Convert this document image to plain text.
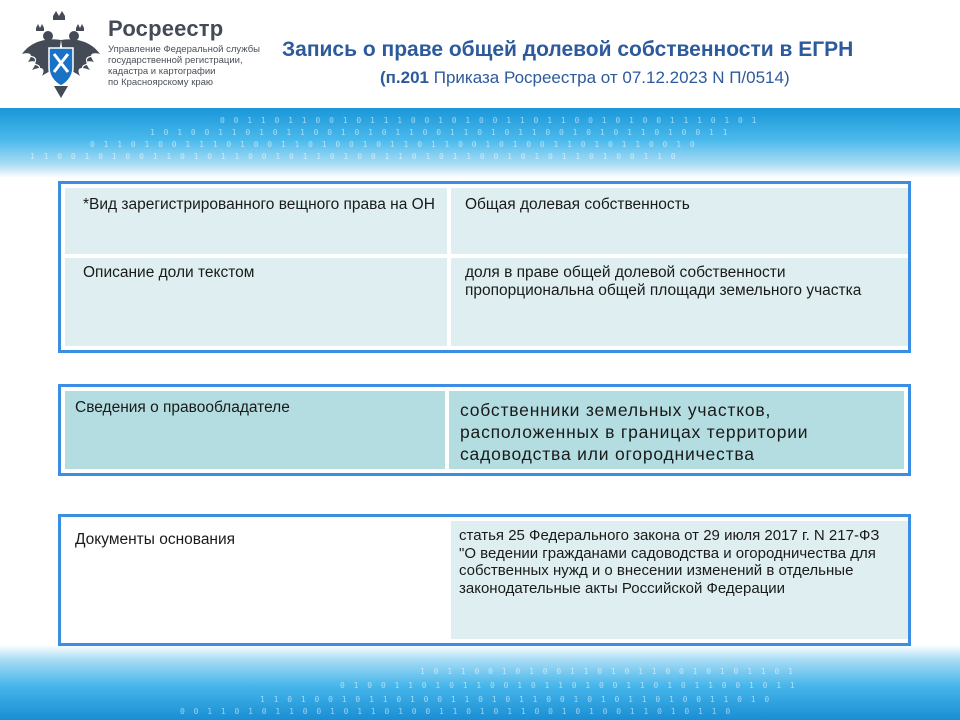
Росреестр
Управление Федеральной службы
государственной регистрации,
кадастра и картографии
по Красноярскому краю
Запись о праве общей долевой собственности в ЕГРН
(п.201 Приказа Росреестра от 07.12.2023 N П/0514)
0 0 1 1 0 1 1 0 0 1 0 1 1 1 0 0 1 0 1 0 0 1 1 0 1 1 0 0 1 0 1 0 0 1 1 1 0 1 0 1
1 0 1 0 0 1 1 0 1 0 1 1 0 0 1 0 1 0 1 1 0 0 1 1 0 1 0 1 1 0 0 1 0 1 0 1 1 0 1 0 0 1 1
0 1 1 0 1 0 0 1 1 1 0 1 0 0 1 1 0 1 0 0 1 0 1 1 0 1 1 0 0 1 0 1 0 0 1 1 0 1 0 1 1 0 0 1 0
1 1 0 0 1 0 1 0 0 1 1 0 1 0 1 1 0 0 1 0 1 1 0 1 0 0 1 1 0 1 0 1 1 0 0 1 0 1 0 1 1 0 1 0 0 1 1 0
1 0 1 1 0 0 1 0 1 0 0 1 1 0 1 0 1 1 0 0 1 0 1 0 1 1 0 1
0 1 0 0 1 1 0 1 0 1 1 0 0 1 0 1 1 0 1 0 0 1 1 0 1 0 1 1 0 0 1 0 1 1
1 1 0 1 0 0 1 0 1 1 0 1 0 0 1 1 0 1 0 1 1 0 0 1 0 1 0 1 1 0 1 0 0 1 1 0 1 0
0 0 1 1 0 1 0 1 1 0 0 1 0 1 1 0 1 0 0 1 1 0 1 0 1 1 0 0 1 0 1 0 0 1 1 0 1 0 1 1 0
*Вид зарегистрированного вещного права на ОН	Общая долевая собственность
Описание доли текстом	доля в праве общей долевой собственности пропорциональна общей площади земельного участка
Сведения о правообладателе	собственники земельных участков, расположенных в границах территории садоводства или огородничества
Документы основания	статья 25 Федерального закона от 29 июля 2017 г. N 217-ФЗ "О ведении гражданами садоводства и огородничества для собственных нужд и о внесении изменений в отдельные законодательные акты Российской Федерации
